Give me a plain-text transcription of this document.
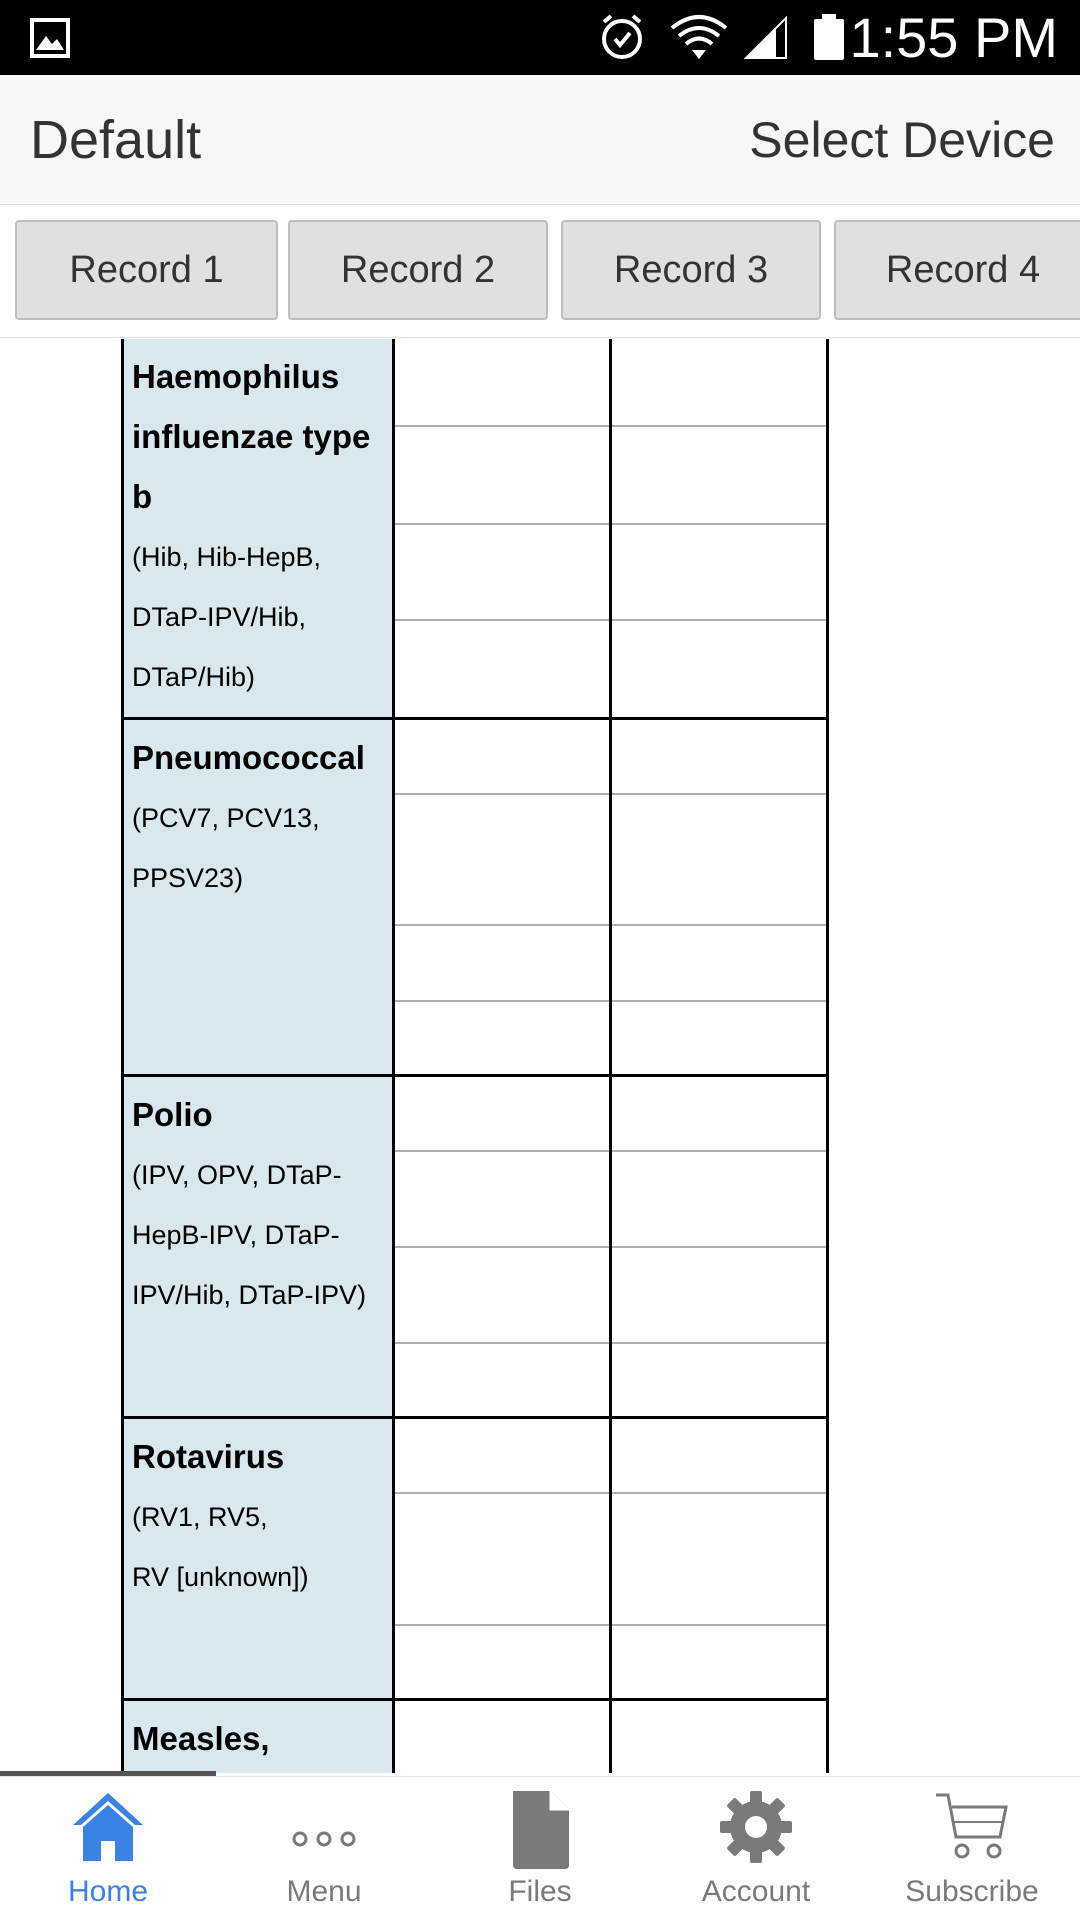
1:55 PM
Default	Select Device
Record 1	Record 2	Record 3	Record 4
Haemophilus influenzae type b
(Hib, Hib-HepB, DTaP-IPV/Hib, DTaP/Hib)
Pneumococcal
(PCV7, PCV13, PPSV23)
Polio
(IPV, OPV, DTaP-HepB-IPV, DTaP-IPV/Hib, DTaP-IPV)
Rotavirus
(RV1, RV5, RV [unknown])
Measles,
Home	Menu	Files	Account	Subscribe
